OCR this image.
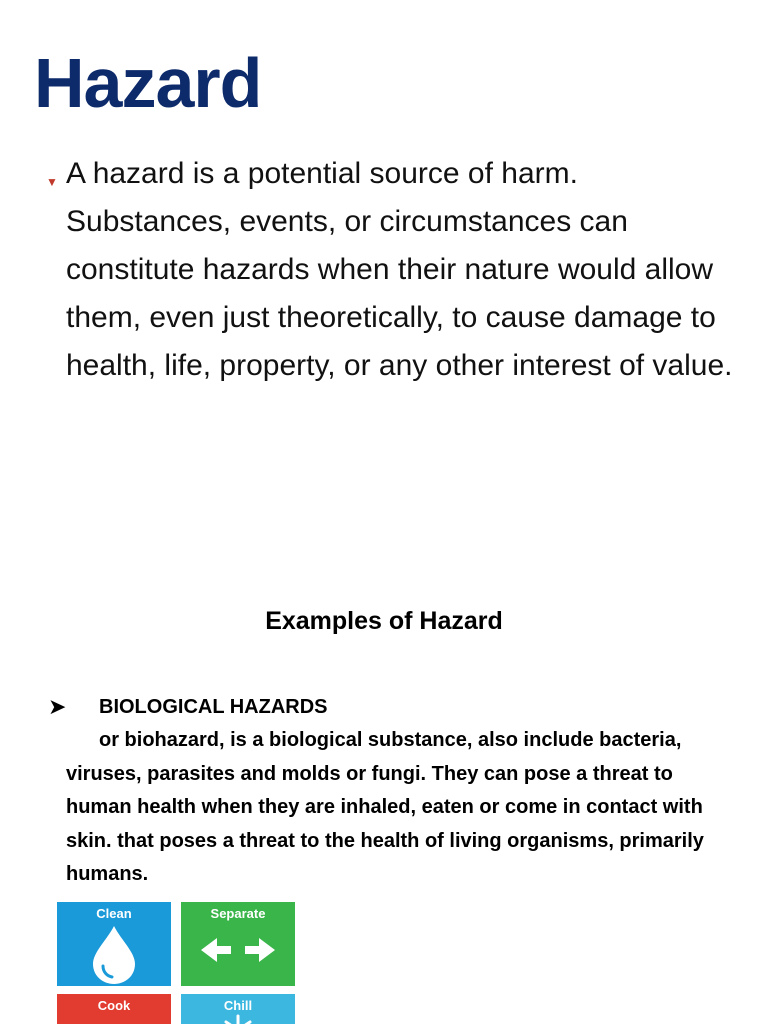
Hazard
▼ A hazard is a potential source of harm. Substances, events, or circumstances can constitute hazards when their nature would allow them, even just theoretically, to cause damage to health, life, property, or any other interest of value.

Examples of Hazard
➤ BIOLOGICAL HAZARDS

or biohazard, is a biological substance, also include bacteria, viruses, parasites and molds or fungi. They can pose a threat to human health when they are inhaled, eaten or come in contact with skin. that poses a threat to the health of living organisms, primarily humans.

Clean	Separate
Cook	Chill
